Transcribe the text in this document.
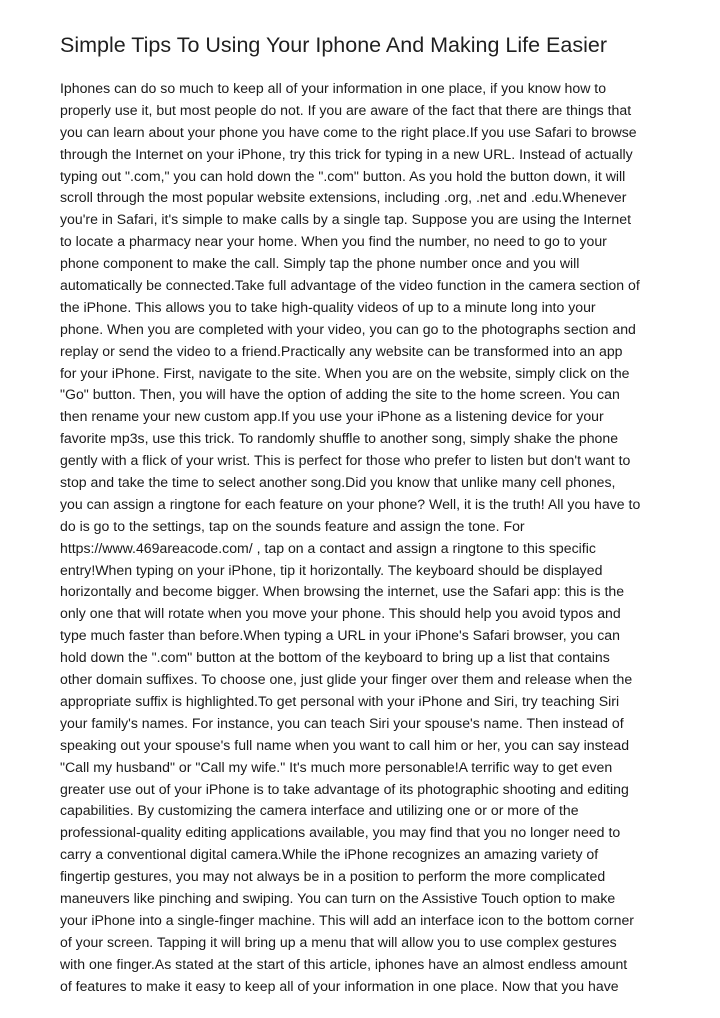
Simple Tips To Using Your Iphone And Making Life Easier
Iphones can do so much to keep all of your information in one place, if you know how to
properly use it, but most people do not. If you are aware of the fact that there are things that
you can learn about your phone you have come to the right place.If you use Safari to browse
through the Internet on your iPhone, try this trick for typing in a new URL. Instead of actually
typing out ".com," you can hold down the ".com" button. As you hold the button down, it will
scroll through the most popular website extensions, including .org, .net and .edu.Whenever
you're in Safari, it's simple to make calls by a single tap. Suppose you are using the Internet
to locate a pharmacy near your home. When you find the number, no need to go to your
phone component to make the call. Simply tap the phone number once and you will
automatically be connected.Take full advantage of the video function in the camera section of
the iPhone. This allows you to take high-quality videos of up to a minute long into your
phone. When you are completed with your video, you can go to the photographs section and
replay or send the video to a friend.Practically any website can be transformed into an app
for your iPhone. First, navigate to the site. When you are on the website, simply click on the
"Go" button. Then, you will have the option of adding the site to the home screen. You can
then rename your new custom app.If you use your iPhone as a listening device for your
favorite mp3s, use this trick. To randomly shuffle to another song, simply shake the phone
gently with a flick of your wrist. This is perfect for those who prefer to listen but don't want to
stop and take the time to select another song.Did you know that unlike many cell phones,
you can assign a ringtone for each feature on your phone? Well, it is the truth! All you have to
do is go to the settings, tap on the sounds feature and assign the tone. For
https://www.469areacode.com/ , tap on a contact and assign a ringtone to this specific
entry!When typing on your iPhone, tip it horizontally. The keyboard should be displayed
horizontally and become bigger. When browsing the internet, use the Safari app: this is the
only one that will rotate when you move your phone. This should help you avoid typos and
type much faster than before.When typing a URL in your iPhone's Safari browser, you can
hold down the ".com" button at the bottom of the keyboard to bring up a list that contains
other domain suffixes. To choose one, just glide your finger over them and release when the
appropriate suffix is highlighted.To get personal with your iPhone and Siri, try teaching Siri
your family's names. For instance, you can teach Siri your spouse's name. Then instead of
speaking out your spouse's full name when you want to call him or her, you can say instead
"Call my husband" or "Call my wife." It's much more personable!A terrific way to get even
greater use out of your iPhone is to take advantage of its photographic shooting and editing
capabilities. By customizing the camera interface and utilizing one or or more of the
professional-quality editing applications available, you may find that you no longer need to
carry a conventional digital camera.While the iPhone recognizes an amazing variety of
fingertip gestures, you may not always be in a position to perform the more complicated
maneuvers like pinching and swiping. You can turn on the Assistive Touch option to make
your iPhone into a single-finger machine. This will add an interface icon to the bottom corner
of your screen. Tapping it will bring up a menu that will allow you to use complex gestures
with one finger.As stated at the start of this article, iphones have an almost endless amount
of features to make it easy to keep all of your information in one place. Now that you have
